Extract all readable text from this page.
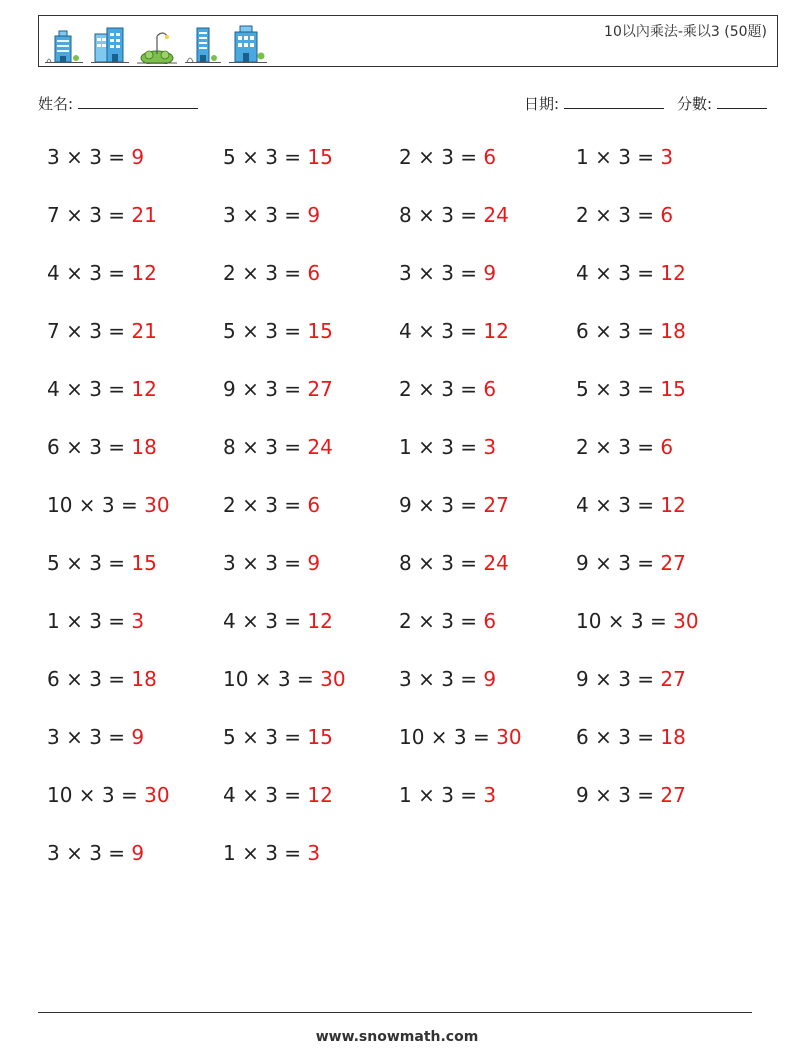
10以內乘法-乘以3 (50題)
姓名:	日期:	分數:
3 × 3 = 9	5 × 3 = 15	2 × 3 = 6	1 × 3 = 3
7 × 3 = 21	3 × 3 = 9	8 × 3 = 24	2 × 3 = 6
4 × 3 = 12	2 × 3 = 6	3 × 3 = 9	4 × 3 = 12
7 × 3 = 21	5 × 3 = 15	4 × 3 = 12	6 × 3 = 18
4 × 3 = 12	9 × 3 = 27	2 × 3 = 6	5 × 3 = 15
6 × 3 = 18	8 × 3 = 24	1 × 3 = 3	2 × 3 = 6
10 × 3 = 30	2 × 3 = 6	9 × 3 = 27	4 × 3 = 12
5 × 3 = 15	3 × 3 = 9	8 × 3 = 24	9 × 3 = 27
1 × 3 = 3	4 × 3 = 12	2 × 3 = 6	10 × 3 = 30
6 × 3 = 18	10 × 3 = 30	3 × 3 = 9	9 × 3 = 27
3 × 3 = 9	5 × 3 = 15	10 × 3 = 30	6 × 3 = 18
10 × 3 = 30	4 × 3 = 12	1 × 3 = 3	9 × 3 = 27
3 × 3 = 9	1 × 3 = 3
www.snowmath.com
